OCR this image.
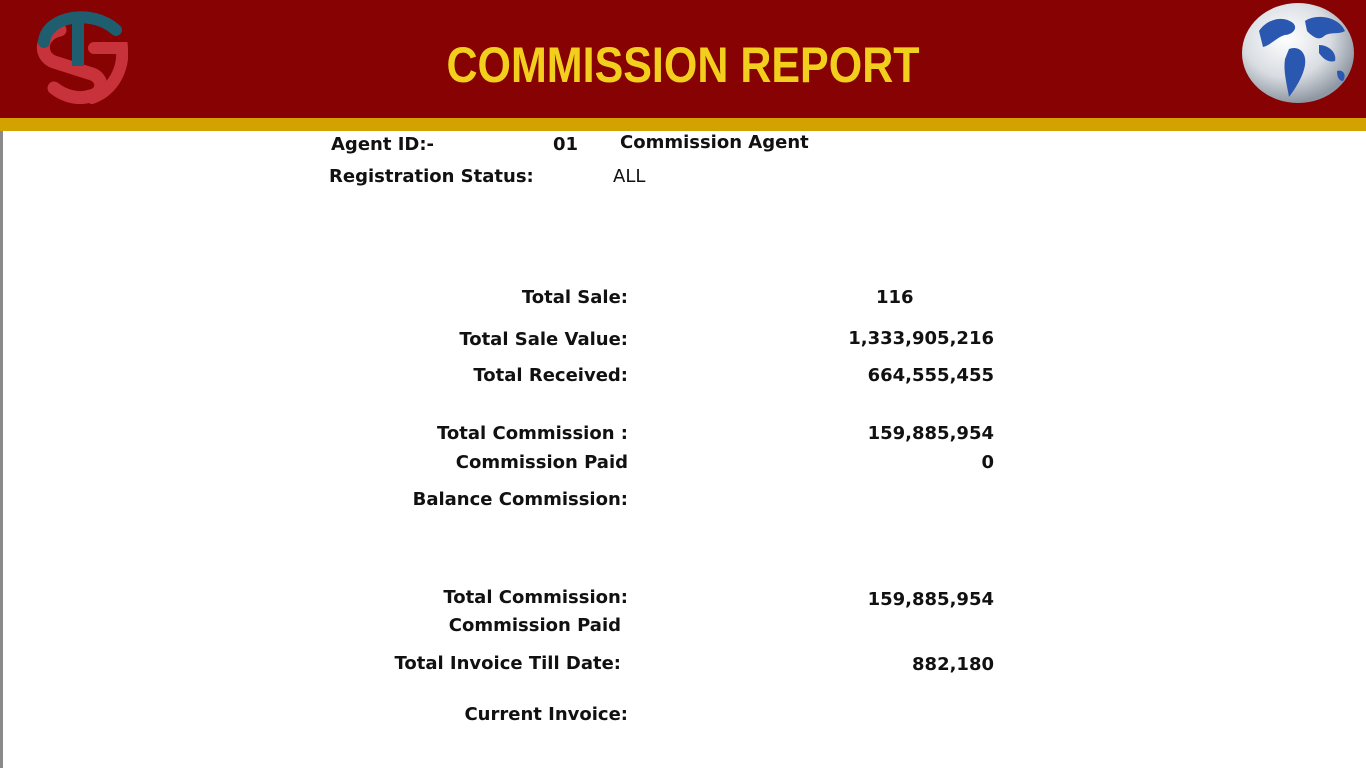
COMMISSION REPORT
Agent ID:-	01 Commission Agent
Registration Status:	ALL
Total Sale:
Total Sale Value:
Total Received:
Total Commission :
Commission Paid
Balance Commission:
Total Commission:
Commission Paid
Total Invoice Till Date:
Current Invoice:
116
1,333,905,216
664,555,455
159,885,954
0
159,885,954
882,180
